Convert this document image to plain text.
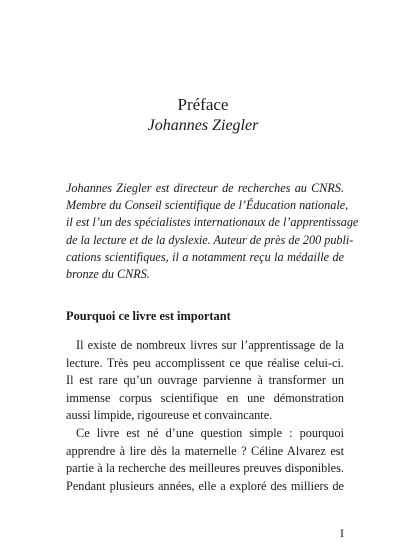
Préface
Johannes Ziegler
Johannes Ziegler est directeur de recherches au CNRS.
Membre du Conseil scientifique de l’Éducation nationale,
il est l’un des spécialistes internationaux de l’apprentissage
de la lecture et de la dyslexie. Auteur de près de 200 publi-
cations scientifiques, il a notamment reçu la médaille de
bronze du CNRS.
Pourquoi ce livre est important
Il existe de nombreux livres sur l’apprentissage de la
lecture. Très peu accomplissent ce que réalise celui-ci.
Il est rare qu’un ouvrage parvienne à transformer un
immense corpus scientifique en une démonstration
aussi limpide, rigoureuse et convaincante.
Ce livre est né d’une question simple : pourquoi
apprendre à lire dès la maternelle ? Céline Alvarez est
partie à la recherche des meilleures preuves disponibles.
Pendant plusieurs années, elle a exploré des milliers de
I
